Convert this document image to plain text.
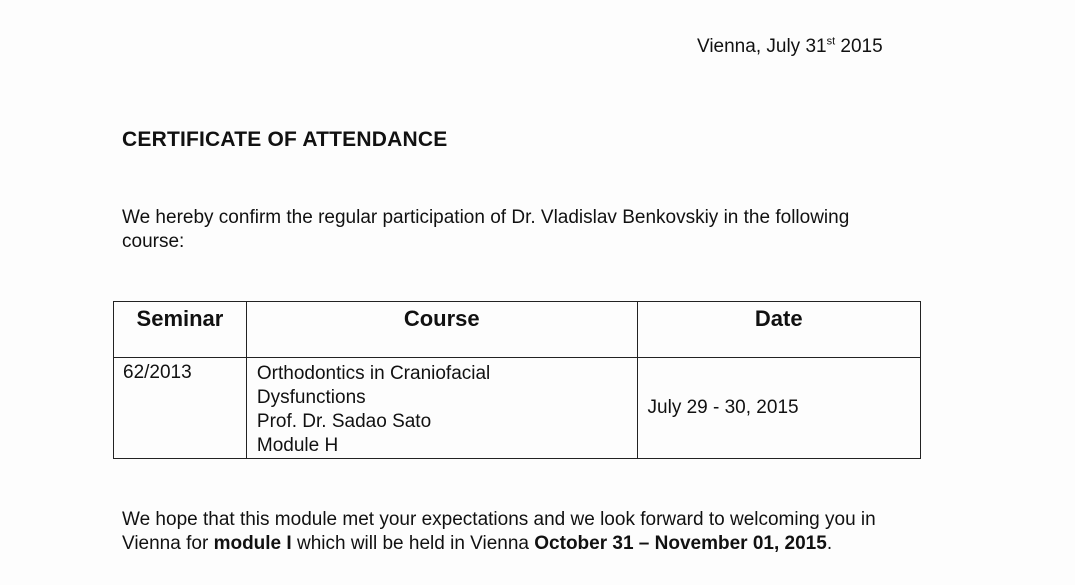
Vienna, July 31st 2015
CERTIFICATE OF ATTENDANCE
We hereby confirm the regular participation of Dr. Vladislav Benkovskiy in the following course:
Seminar	Course	Date
62/2013	Orthodontics in Craniofacial
Dysfunctions
Prof. Dr. Sadao Sato
Module H	July 29 - 30, 2015
We hope that this module met your expectations and we look forward to welcoming you in Vienna for module I which will be held in Vienna October 31 – November 01, 2015.
